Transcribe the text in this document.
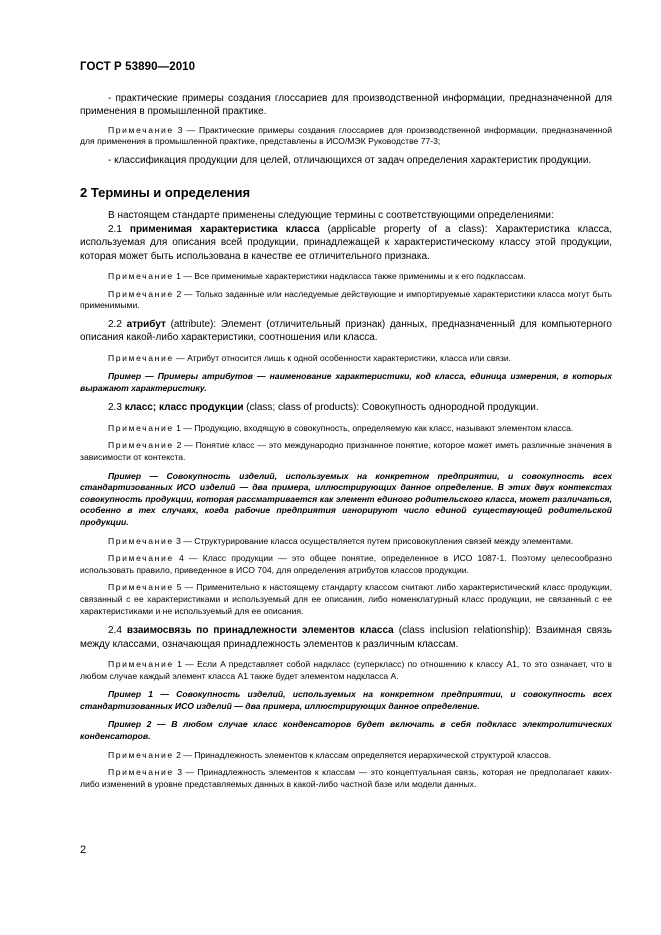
ГОСТ Р 53890—2010

- практические примеры создания глоссариев для производственной информации, предназначенной для применения в промышленной практике.

Примечание 3 — Практические примеры создания глоссариев для производственной информации, предназначенной для применения в промышленной практике, представлены в ИСО/МЭК Руководстве 77-3;

- классификация продукции для целей, отличающихся от задач определения характеристик продукции.

2 Термины и определения

В настоящем стандарте применены следующие термины с соответствующими определениями:

2.1 применимая характеристика класса (applicable property of a class): Характеристика класса, используемая для описания всей продукции, принадлежащей к характеристическому классу этой продукции, которая может быть использована в качестве ее отличительного признака.

Примечание 1 — Все применимые характеристики надкласса также применимы и к его подклассам.

Примечание 2 — Только заданные или наследуемые действующие и импортируемые характеристики класса могут быть применимыми.

2.2 атрибут (attribute): Элемент (отличительный признак) данных, предназначенный для компьютерного описания какой-либо характеристики, соотношения или класса.

Примечание — Атрибут относится лишь к одной особенности характеристики, класса или связи.

Пример — Примеры атрибутов — наименование характеристики, код класса, единица измерения, в которых выражают характеристику.

2.3 класс; класс продукции (class; class of products): Совокупность однородной продукции.

Примечание 1 — Продукцию, входящую в совокупность, определяемую как класс, называют элементом класса.

Примечание 2 — Понятие класс — это международно признанное понятие, которое может иметь различные значения в зависимости от контекста.

Пример — Совокупность изделий, используемых на конкретном предприятии, и совокупность всех стандартизованных ИСО изделий — два примера, иллюстрирующих данное определение. В этих двух контекстах совокупность продукции, которая рассматривается как элемент единого родительского класса, может различаться, особенно в тех случаях, когда рабочие предприятия игнорируют число единой существующей родительской продукции.

Примечание 3 — Структурирование класса осуществляется путем присовокупления связей между элементами.

Примечание 4 — Класс продукции — это общее понятие, определенное в ИСО 1087-1. Поэтому целесообразно использовать правило, приведенное в ИСО 704, для определения атрибутов классов продукции.

Примечание 5 — Применительно к настоящему стандарту классом считают либо характеристический класс продукции, связанный с ее характеристиками и используемый для ее описания, либо номенклатурный класс продукции, не связанный с ее характеристиками и не используемый для ее описания.

2.4 взаимосвязь по принадлежности элементов класса (class inclusion relationship): Взаимная связь между классами, означающая принадлежность элементов к различным классам.

Примечание 1 — Если A представляет собой надкласс (суперкласс) по отношению к классу A1, то это означает, что в любом случае каждый элемент класса A1 также будет элементом надкласса A.

Пример 1 — Совокупность изделий, используемых на конкретном предприятии, и совокупность всех стандартизованных ИСО изделий — два примера, иллюстрирующих данное определение.

Пример 2 — В любом случае класс конденсаторов будет включать в себя подкласс электролитических конденсаторов.

Примечание 2 — Принадлежность элементов к классам определяется иерархической структурой классов.

Примечание 3 — Принадлежность элементов к классам — это концептуальная связь, которая не предполагает каких-либо изменений в уровне представляемых данных в какой-либо частной базе или модели данных.

2
